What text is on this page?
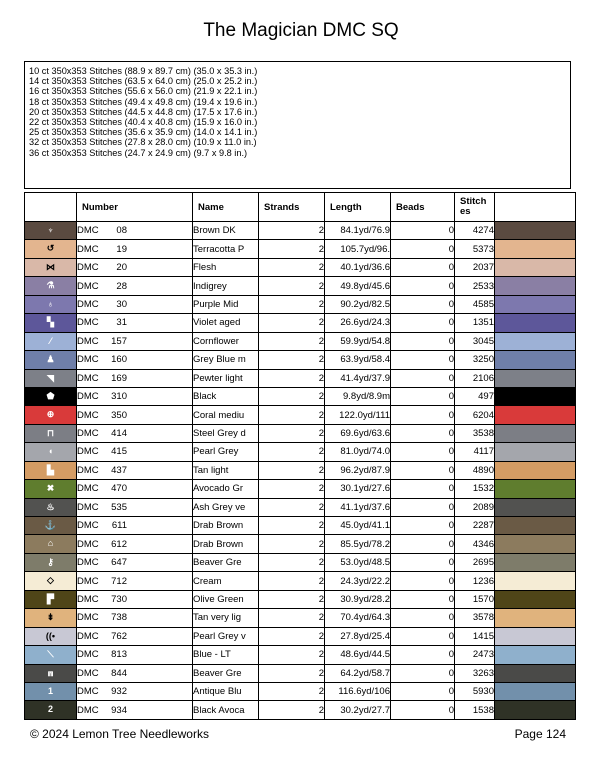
The Magician DMC SQ
10 ct 350x353 Stitches (88.9 x 89.7 cm) (35.0 x 35.3 in.)
14 ct 350x353 Stitches (63.5 x 64.0 cm) (25.0 x 25.2 in.)
16 ct 350x353 Stitches (55.6 x 56.0 cm) (21.9 x 22.1 in.)
18 ct 350x353 Stitches (49.4 x 49.8 cm) (19.4 x 19.6 in.)
20 ct 350x353 Stitches (44.5 x 44.8 cm) (17.5 x 17.6 in.)
22 ct 350x353 Stitches (40.4 x 40.8 cm) (15.9 x 16.0 in.)
25 ct 350x353 Stitches (35.6 x 35.9 cm) (14.0 x 14.1 in.)
32 ct 350x353 Stitches (27.8 x 28.0 cm) (10.9 x 11.0 in.)
36 ct 350x353 Stitches (24.7 x 24.9 cm) (9.7 x 9.8 in.)
	Number	Name	Strands	Length	Beads	Stitch
es	
♆	DMC 08	Brown DK	2	84.1yd/76.9	0	4274	
↺	DMC 19	Terracotta P	2	105.7yd/96.	0	5373	
⋈	DMC 20	Flesh	2	40.1yd/36.6	0	2037	
⚗	DMC 28	Indigrey	2	49.8yd/45.6	0	2533	
♁	DMC 30	Purple Mid	2	90.2yd/82.5	0	4585	
▚	DMC 31	Violet aged	2	26.6yd/24.3	0	1351	
⁄	DMC 157	Cornflower	2	59.9yd/54.8	0	3045	
♟	DMC 160	Grey Blue m	2	63.9yd/58.4	0	3250	
◥	DMC 169	Pewter light	2	41.4yd/37.9	0	2106	
⬟	DMC 310	Black	2	9.8yd/8.9m	0	497	
⊕	DMC 350	Coral mediu	2	122.0yd/111	0	6204	
⊓	DMC 414	Steel Grey d	2	69.6yd/63.6	0	3538	
◖	DMC 415	Pearl Grey	2	81.0yd/74.0	0	4117	
▙	DMC 437	Tan light	2	96.2yd/87.9	0	4890	
✖	DMC 470	Avocado Gr	2	30.1yd/27.6	0	1532	
♨	DMC 535	Ash Grey ve	2	41.1yd/37.6	0	2089	
⚓	DMC 611	Drab Brown	2	45.0yd/41.1	0	2287	
⌂	DMC 612	Drab Brown	2	85.5yd/78.2	0	4346	
⚷	DMC 647	Beaver Gre	2	53.0yd/48.5	0	2695	
◇	DMC 712	Cream	2	24.3yd/22.2	0	1236	
▛	DMC 730	Olive Green	2	30.9yd/28.2	0	1570	
⇟	DMC 738	Tan very lig	2	70.4yd/64.3	0	3578	
((•	DMC 762	Pearl Grey v	2	27.8yd/25.4	0	1415	
⟍	DMC 813	Blue - LT	2	48.6yd/44.5	0	2473	
⩎	DMC 844	Beaver Gre	2	64.2yd/58.7	0	3263	
1	DMC 932	Antique Blu	2	116.6yd/106	0	5930	
2	DMC 934	Black Avoca	2	30.2yd/27.7	0	1538	
© 2024 Lemon Tree Needleworks	Page 124
